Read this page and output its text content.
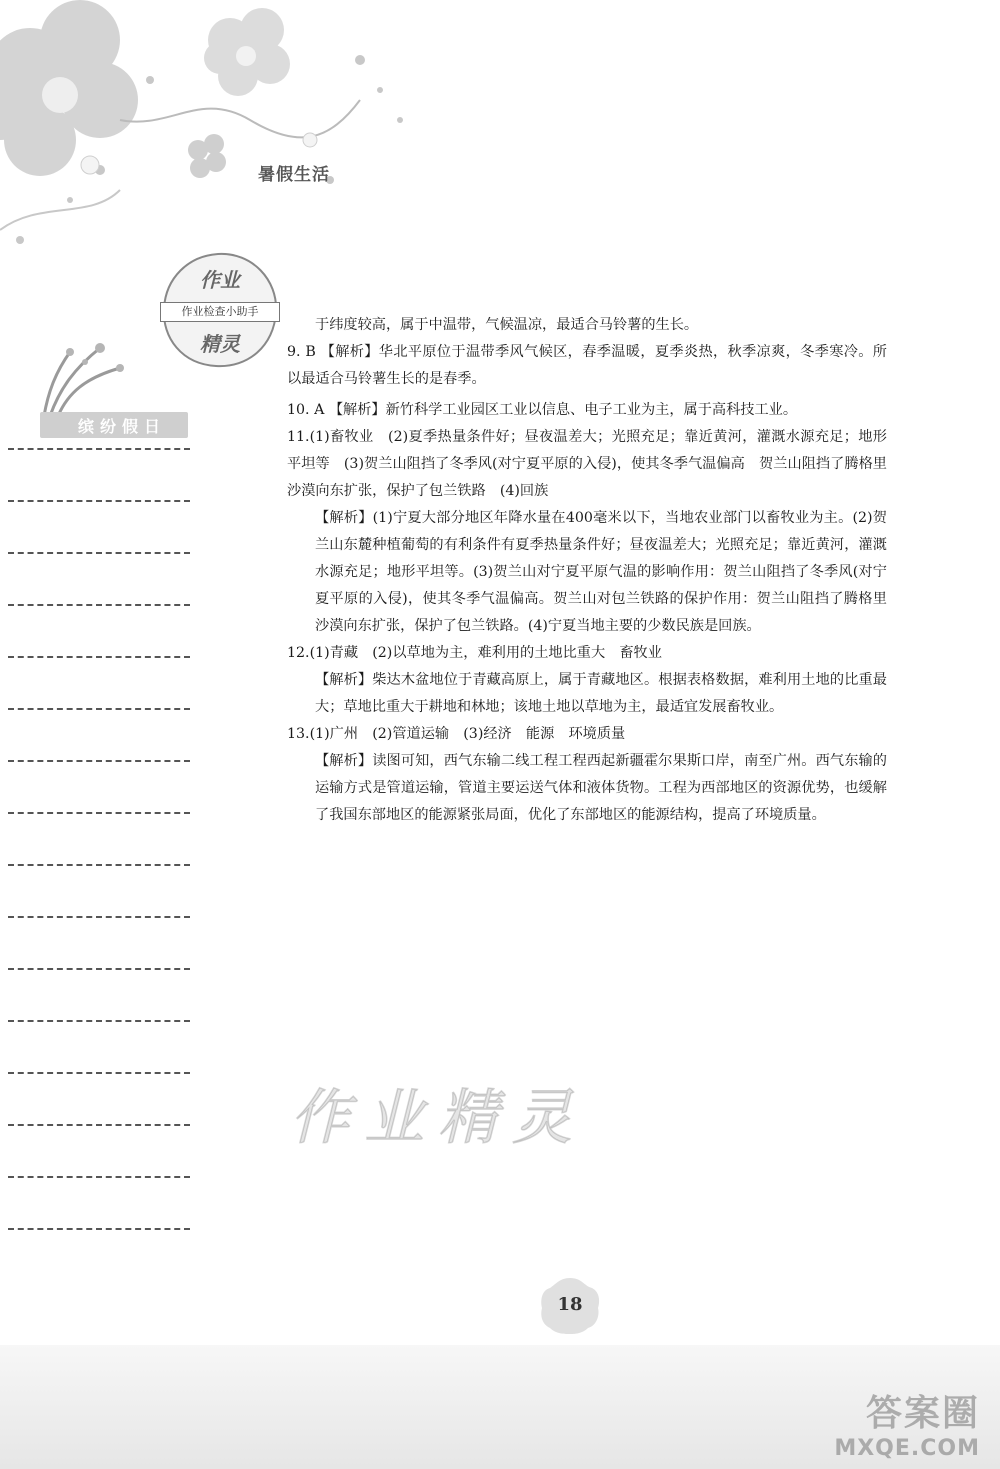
暑假生活
作业
作业检查小助手
精灵
缤纷假日

于纬度较高，属于中温带，气候温凉，最适合马铃薯的生长。

9. B 【解析】华北平原位于温带季风气候区，春季温暖，夏季炎热，秋季凉爽，冬季寒冷。所以最适合马铃薯生长的是春季。

10. A 【解析】新竹科学工业园区工业以信息、电子工业为主，属于高科技工业。

11.(1)畜牧业　(2)夏季热量条件好；昼夜温差大；光照充足；靠近黄河，灌溉水源充足；地形平坦等　(3)贺兰山阻挡了冬季风(对宁夏平原的入侵)，使其冬季气温偏高　贺兰山阻挡了腾格里沙漠向东扩张，保护了包兰铁路　(4)回族

【解析】(1)宁夏大部分地区年降水量在400毫米以下，当地农业部门以畜牧业为主。(2)贺兰山东麓种植葡萄的有利条件有夏季热量条件好；昼夜温差大；光照充足；靠近黄河，灌溉水源充足；地形平坦等。(3)贺兰山对宁夏平原气温的影响作用：贺兰山阻挡了冬季风(对宁夏平原的入侵)，使其冬季气温偏高。贺兰山对包兰铁路的保护作用：贺兰山阻挡了腾格里沙漠向东扩张，保护了包兰铁路。(4)宁夏当地主要的少数民族是回族。

12.(1)青藏　(2)以草地为主，难利用的土地比重大　畜牧业

【解析】柴达木盆地位于青藏高原上，属于青藏地区。根据表格数据，难利用土地的比重最大；草地比重大于耕地和林地；该地土地以草地为主，最适宜发展畜牧业。

13.(1)广州　(2)管道运输　(3)经济　能源　环境质量

【解析】读图可知，西气东输二线工程工程西起新疆霍尔果斯口岸，南至广州。西气东输的运输方式是管道运输，管道主要运送气体和液体货物。工程为西部地区的资源优势，也缓解了我国东部地区的能源紧张局面，优化了东部地区的能源结构，提高了环境质量。

作业精灵
18
答案圈
MXQE.COM
